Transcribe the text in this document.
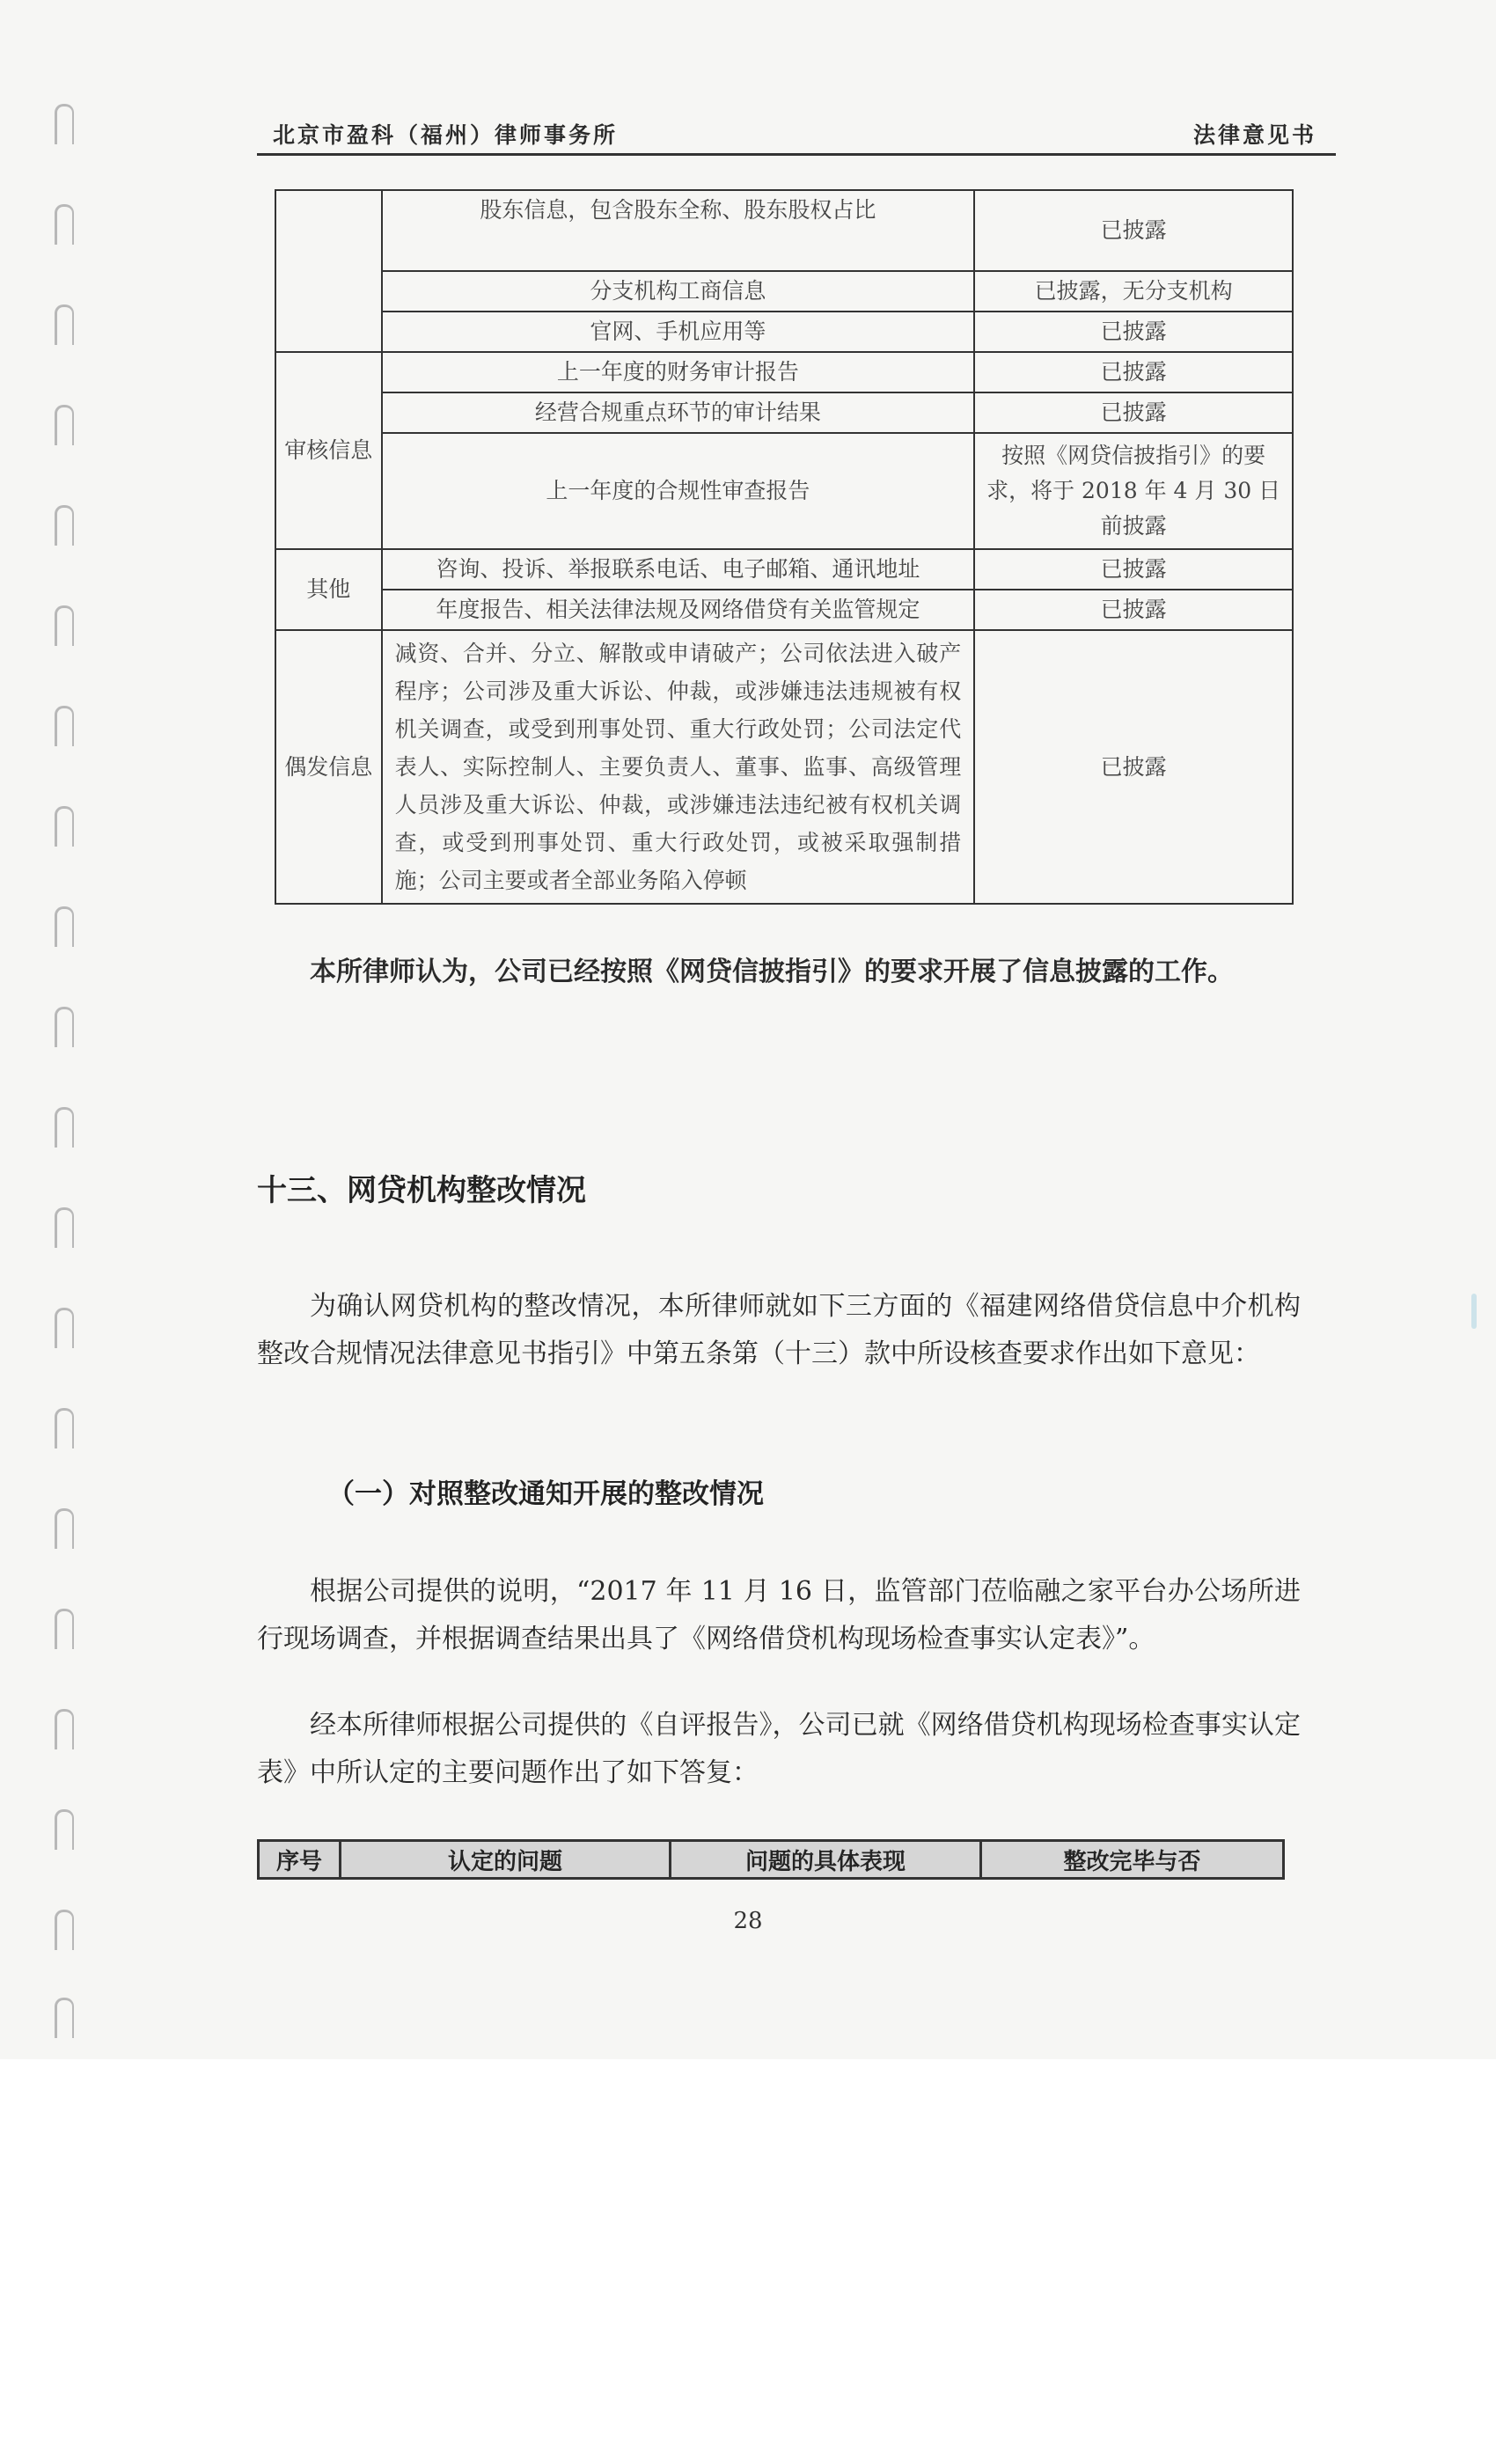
北京市盈科（福州）律师事务所	法律意见书
	股东信息，包含股东全称、股东股权占比	已披露
	分支机构工商信息	已披露，无分支机构
	官网、手机应用等	已披露
审核信息	上一年度的财务审计报告	已披露
	经营合规重点环节的审计结果	已披露
	上一年度的合规性审查报告	按照《网贷信披指引》的要求，将于 2018 年 4 月 30 日前披露
其他	咨询、投诉、举报联系电话、电子邮箱、通讯地址	已披露
	年度报告、相关法律法规及网络借贷有关监管规定	已披露
偶发信息	减资、合并、分立、解散或申请破产；公司依法进入破产程序；公司涉及重大诉讼、仲裁，或涉嫌违法违规被有权机关调查，或受到刑事处罚、重大行政处罚；公司法定代表人、实际控制人、主要负责人、董事、监事、高级管理人员涉及重大诉讼、仲裁，或涉嫌违法违纪被有权机关调查，或受到刑事处罚、重大行政处罚，或被采取强制措施；公司主要或者全部业务陷入停顿	已披露
本所律师认为，公司已经按照《网贷信披指引》的要求开展了信息披露的工作。
十三、网贷机构整改情况
为确认网贷机构的整改情况，本所律师就如下三方面的《福建网络借贷信息中介机构整改合规情况法律意见书指引》中第五条第（十三）款中所设核查要求作出如下意见：
（一）对照整改通知开展的整改情况
根据公司提供的说明，“2017 年 11 月 16 日，监管部门莅临融之家平台办公场所进行现场调查，并根据调查结果出具了《网络借贷机构现场检查事实认定表》”。
经本所律师根据公司提供的《自评报告》，公司已就《网络借贷机构现场检查事实认定表》中所认定的主要问题作出了如下答复：
序号	认定的问题	问题的具体表现	整改完毕与否
28
